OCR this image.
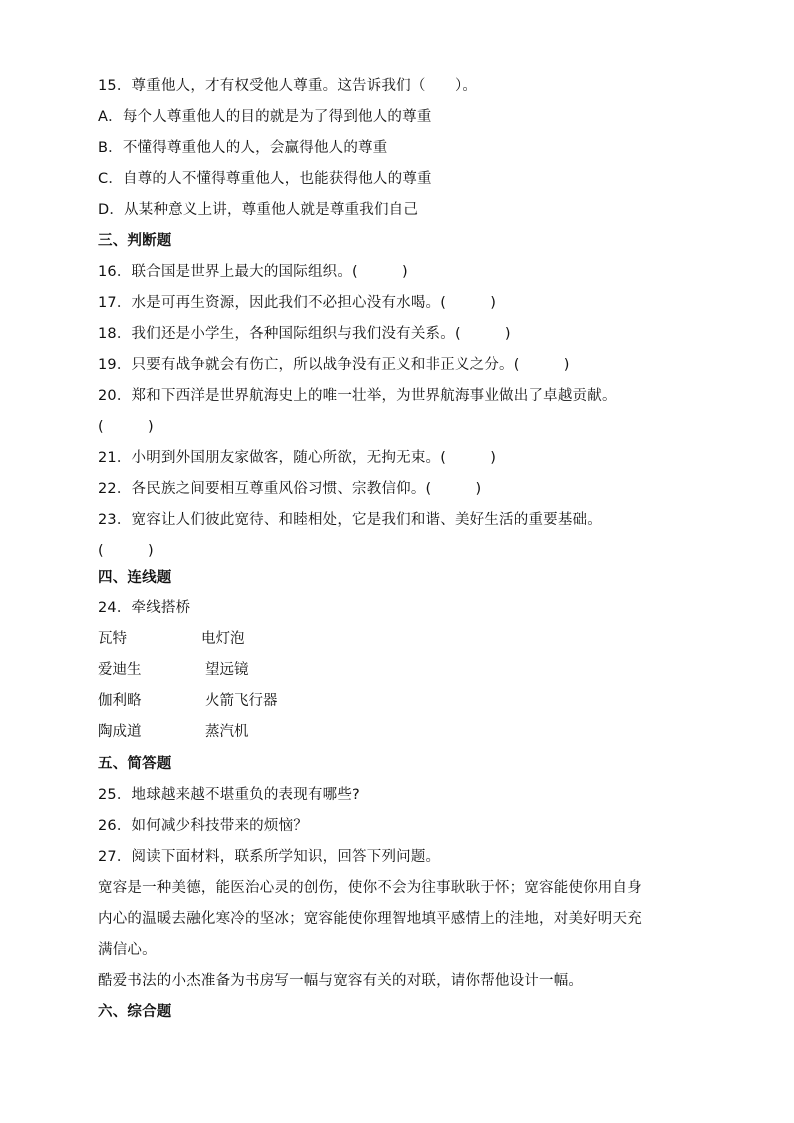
15．尊重他人，才有权受他人尊重。这告诉我们（　　）。
A．每个人尊重他人的目的就是为了得到他人的尊重
B．不懂得尊重他人的人，会赢得他人的尊重
C．自尊的人不懂得尊重他人，也能获得他人的尊重
D．从某种意义上讲，尊重他人就是尊重我们自己
三、判断题
16．联合国是世界上最大的国际组织。(　　　)
17．水是可再生资源，因此我们不必担心没有水喝。(　　　)
18．我们还是小学生，各种国际组织与我们没有关系。(　　　)
19．只要有战争就会有伤亡，所以战争没有正义和非正义之分。(　　　)
20．郑和下西洋是世界航海史上的唯一壮举，为世界航海事业做出了卓越贡献。
(　　　)
21．小明到外国朋友家做客，随心所欲，无拘无束。(　　　)
22．各民族之间要相互尊重风俗习惯、宗教信仰。(　　　)
23．宽容让人们彼此宽待、和睦相处，它是我们和谐、美好生活的重要基础。
(　　　)
四、连线题
24．牵线搭桥
瓦特	电灯泡
爱迪生	望远镜
伽利略	火箭飞行器
陶成道	蒸汽机
五、简答题
25．地球越来越不堪重负的表现有哪些?
26．如何减少科技带来的烦恼？
27．阅读下面材料，联系所学知识，回答下列问题。
宽容是一种美德，能医治心灵的创伤，使你不会为往事耿耿于怀；宽容能使你用自身
内心的温暖去融化寒冷的坚冰；宽容能使你理智地填平感情上的洼地，对美好明天充
满信心。
酷爱书法的小杰准备为书房写一幅与宽容有关的对联，请你帮他设计一幅。
六、综合题
